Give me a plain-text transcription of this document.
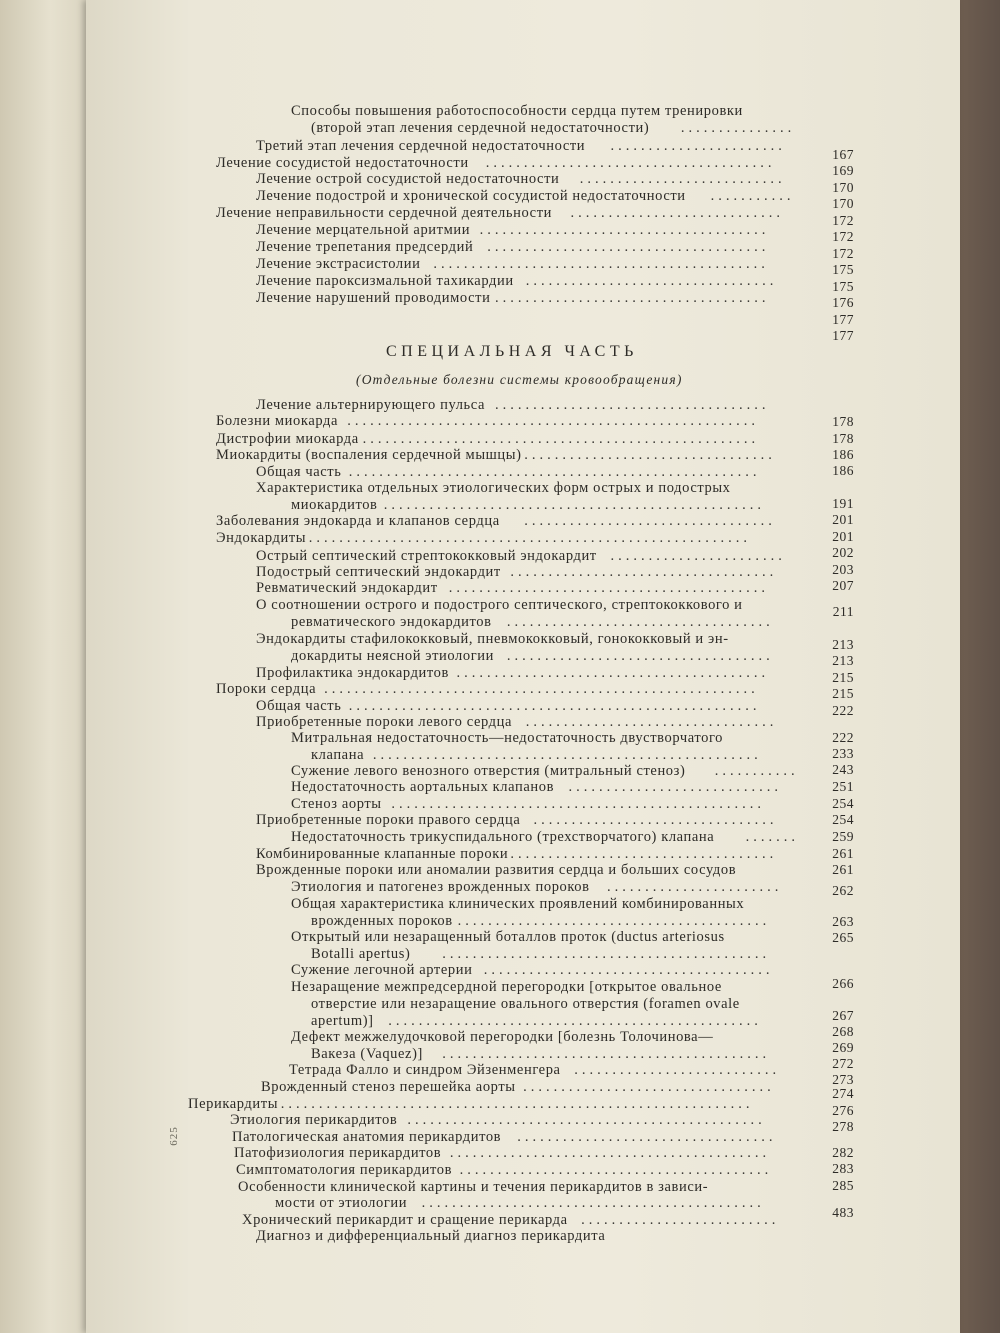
СПЕЦИАЛЬНАЯ ЧАСТЬ
(Отдельные болезни системы кровообращения)
625
Способы повышения работоспособности сердца путем тренировки
(второй этап лечения сердечной недостаточности) ...............
Третий этап лечения сердечной недостаточности .......................
Лечение сосудистой недостаточности ......................................
Лечение острой сосудистой недостаточности ...........................
Лечение подострой и хронической сосудистой недостаточности ...........
Лечение неправильности сердечной деятельности ............................
Лечение мерцательной аритмии ......................................
Лечение трепетания предсердий .....................................
Лечение экстрасистолии ............................................
Лечение пароксизмальной тахикардии .................................
Лечение нарушений проводимости ....................................
Лечение альтернирующего пульса ....................................
Болезни миокарда ......................................................
Дистрофии миокарда ....................................................
Миокардиты (воспаления сердечной мышцы) .................................
Общая часть ......................................................
Характеристика отдельных этиологических форм острых и подострых
миокардитов ..................................................
Заболевания эндокарда и клапанов сердца .................................
Эндокардиты ..........................................................
Острый септический стрептококковый эндокардит .......................
Подострый септический эндокардит ...................................
Ревматический эндокардит ..........................................
О соотношении острого и подострого септического, стрептококкового и
ревматического эндокардитов ...................................
Эндокардиты стафилококковый, пневмококковый, гонококковый и эн-
докардиты неясной этиологии ...................................
Профилактика эндокардитов .........................................
Пороки сердца .........................................................
Общая часть ......................................................
Приобретенные пороки левого сердца .................................
Митральная недостаточность—недостаточность двустворчатого
клапана ...................................................
Сужение левого венозного отверстия (митральный стеноз) ...........
Недостаточность аортальных клапанов ............................
Стеноз аорты .................................................
Приобретенные пороки правого сердца ................................
Недостаточность трикуспидального (трехстворчатого) клапана .......
Комбинированные клапанные пороки ...................................
Врожденные пороки или аномалии развития сердца и больших сосудов
Этиология и патогенез врожденных пороков .......................
Общая характеристика клинических проявлений комбинированных
врожденных пороков .........................................
Открытый или незаращенный боталлов проток (ductus arteriosus
Botalli apertus) ...........................................
Сужение легочной артерии ......................................
Незаращение межпредсердной перегородки [открытое овальное
отверстие или незаращение овального отверстия (foramen ovale
apertum)] .................................................
Дефект межжелудочковой перегородки [болезнь Толочинова—
Вакеза (Vaquez)] ...........................................
Тетрада Фалло и синдром Эйзенменгера ...........................
Врожденный стеноз перешейка аорты .................................
Перикардиты ..............................................................
Этиология перикардитов ...............................................
Патологическая анатомия перикардитов ..................................
Патофизиология перикардитов ..........................................
Симптоматология перикардитов .........................................
Особенности клинической картины и течения перикардитов в зависи-
мости от этиологии .............................................
Хронический перикардит и сращение перикарда ..........................
Диагноз и дифференциальный диагноз перикардита
167
169
170
170
172
172
172
175
175
176
177
177
178
178
186
186
191
201
201
202
203
207
211
213
213
215
215
222
222
233
243
251
254
254
259
261
261
262
263
265
266
267
268
269
272
273
274
276
278
282
283
285
483
